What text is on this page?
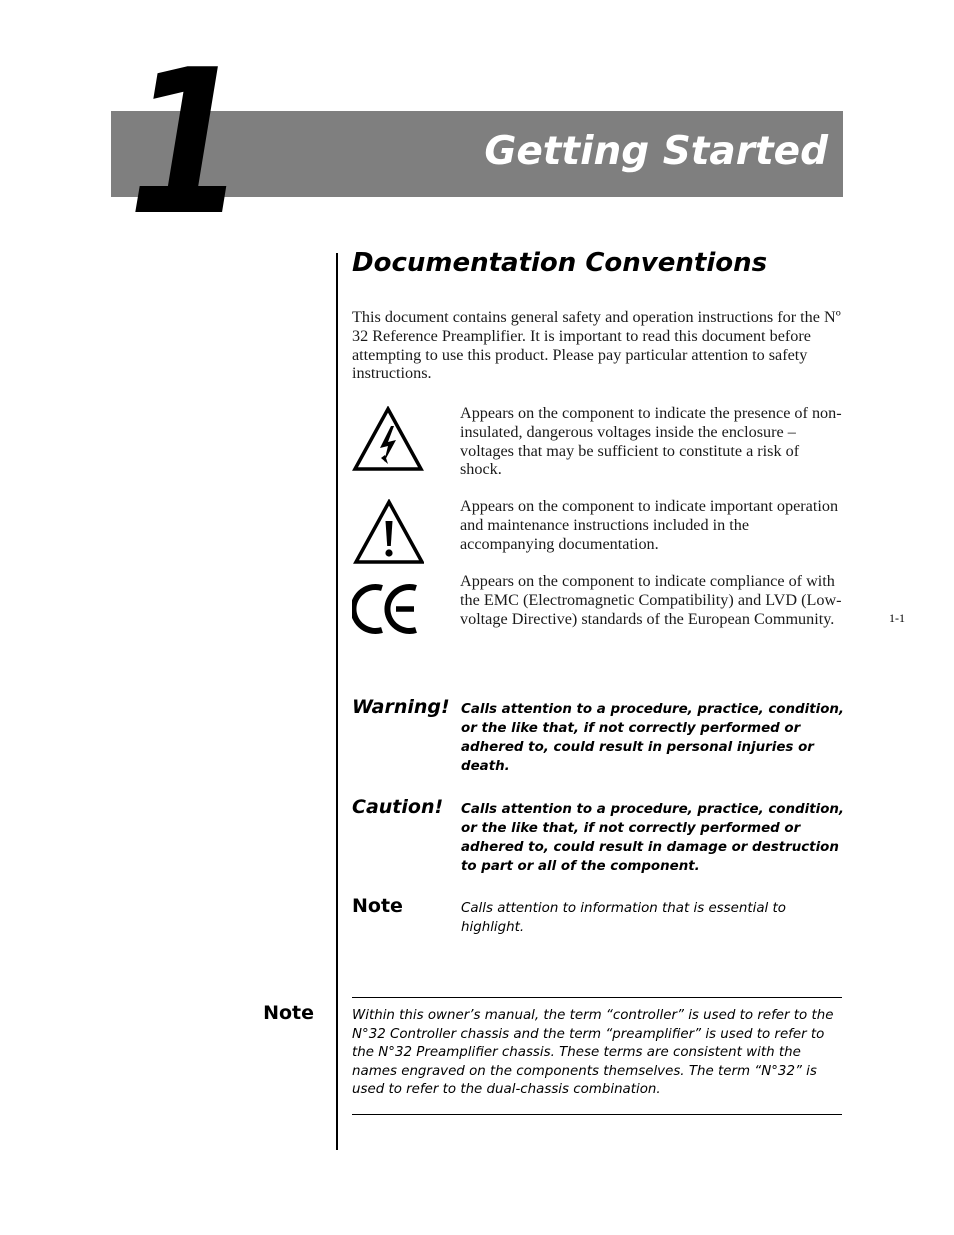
1	Getting Started
Documentation Conventions

This document contains general safety and operation instructions for the Nº 32 Reference Preamplifier. It is important to read this document before attempting to use this product. Please pay particular attention to safety instructions.

Appears on the component to indicate the presence of non-insulated, dangerous voltages inside the enclosure – voltages that may be sufficient to constitute a risk of shock.

Appears on the component to indicate important operation and maintenance instructions included in the accompanying documentation.

Appears on the component to indicate compliance of with the EMC (Electromagnetic Compatibility) and LVD (Low-voltage Directive) standards of the European Community.

Warning! Calls attention to a procedure, practice, condition, or the like that, if not correctly performed or adhered to, could result in personal injuries or death.

Caution! Calls attention to a procedure, practice, condition, or the like that, if not correctly performed or adhered to, could result in damage or destruction to part or all of the component.

Note	Calls attention to information that is essential to highlight.

Note	Within this owner’s manual, the term “controller” is used to refer to the N°32 Controller chassis and the term “preamplifier” is used to refer to the N°32 Preamplifier chassis. These terms are consistent with the names engraved on the components themselves. The term “N°32” is used to refer to the dual-chassis combination.

1-1
